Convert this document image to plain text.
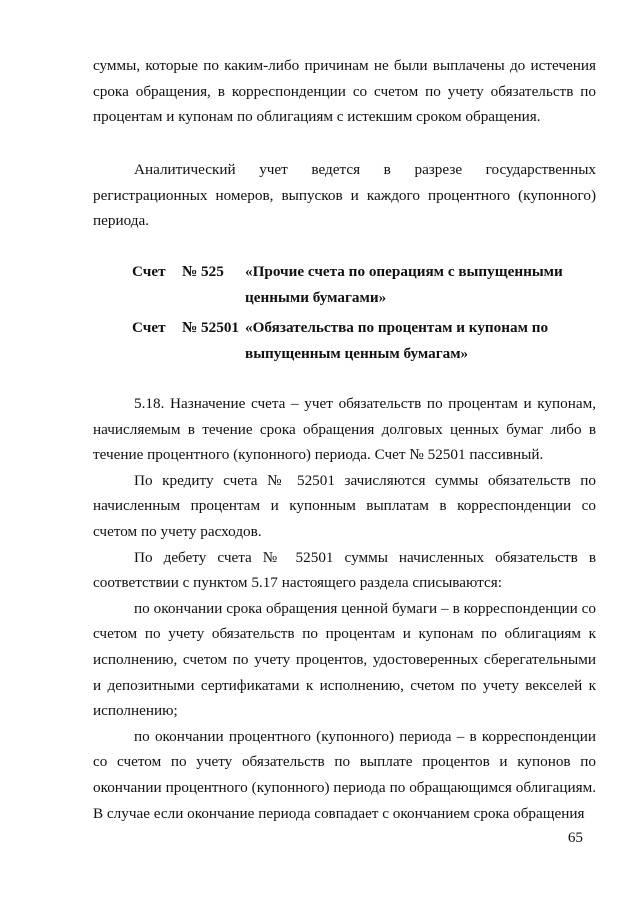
суммы, которые по каким-либо причинам не были выплачены до истечения срока обращения, в корреспонденции со счетом по учету обязательств по процентам и купонам по облигациям с истекшим сроком обращения.

Аналитический учет ведется в разрезе государственных регистрационных номеров, выпусков и каждого процентного (купонного) периода.

Счет	№ 525	«Прочие счета по операциям с выпущенными ценными бумагами»
Счет	№ 52501 «Обязательства по процентам и купонам по выпущенным ценным бумагам»

5.18. Назначение счета – учет обязательств по процентам и купонам, начисляемым в течение срока обращения долговых ценных бумаг либо в течение процентного (купонного) периода. Счет № 52501 пассивный.

По кредиту счета № 52501 зачисляются суммы обязательств по начисленным процентам и купонным выплатам в корреспонденции со счетом по учету расходов.

По дебету счета № 52501 суммы начисленных обязательств в соответствии с пунктом 5.17 настоящего раздела списываются:

по окончании срока обращения ценной бумаги – в корреспонденции со счетом по учету обязательств по процентам и купонам по облигациям к исполнению, счетом по учету процентов, удостоверенных сберегательными и депозитными сертификатами к исполнению, счетом по учету векселей к исполнению;

по окончании процентного (купонного) периода – в корреспонденции со счетом по учету обязательств по выплате процентов и купонов по окончании процентного (купонного) периода по обращающимся облигациям. В случае если окончание периода совпадает с окончанием срока обращения

65
